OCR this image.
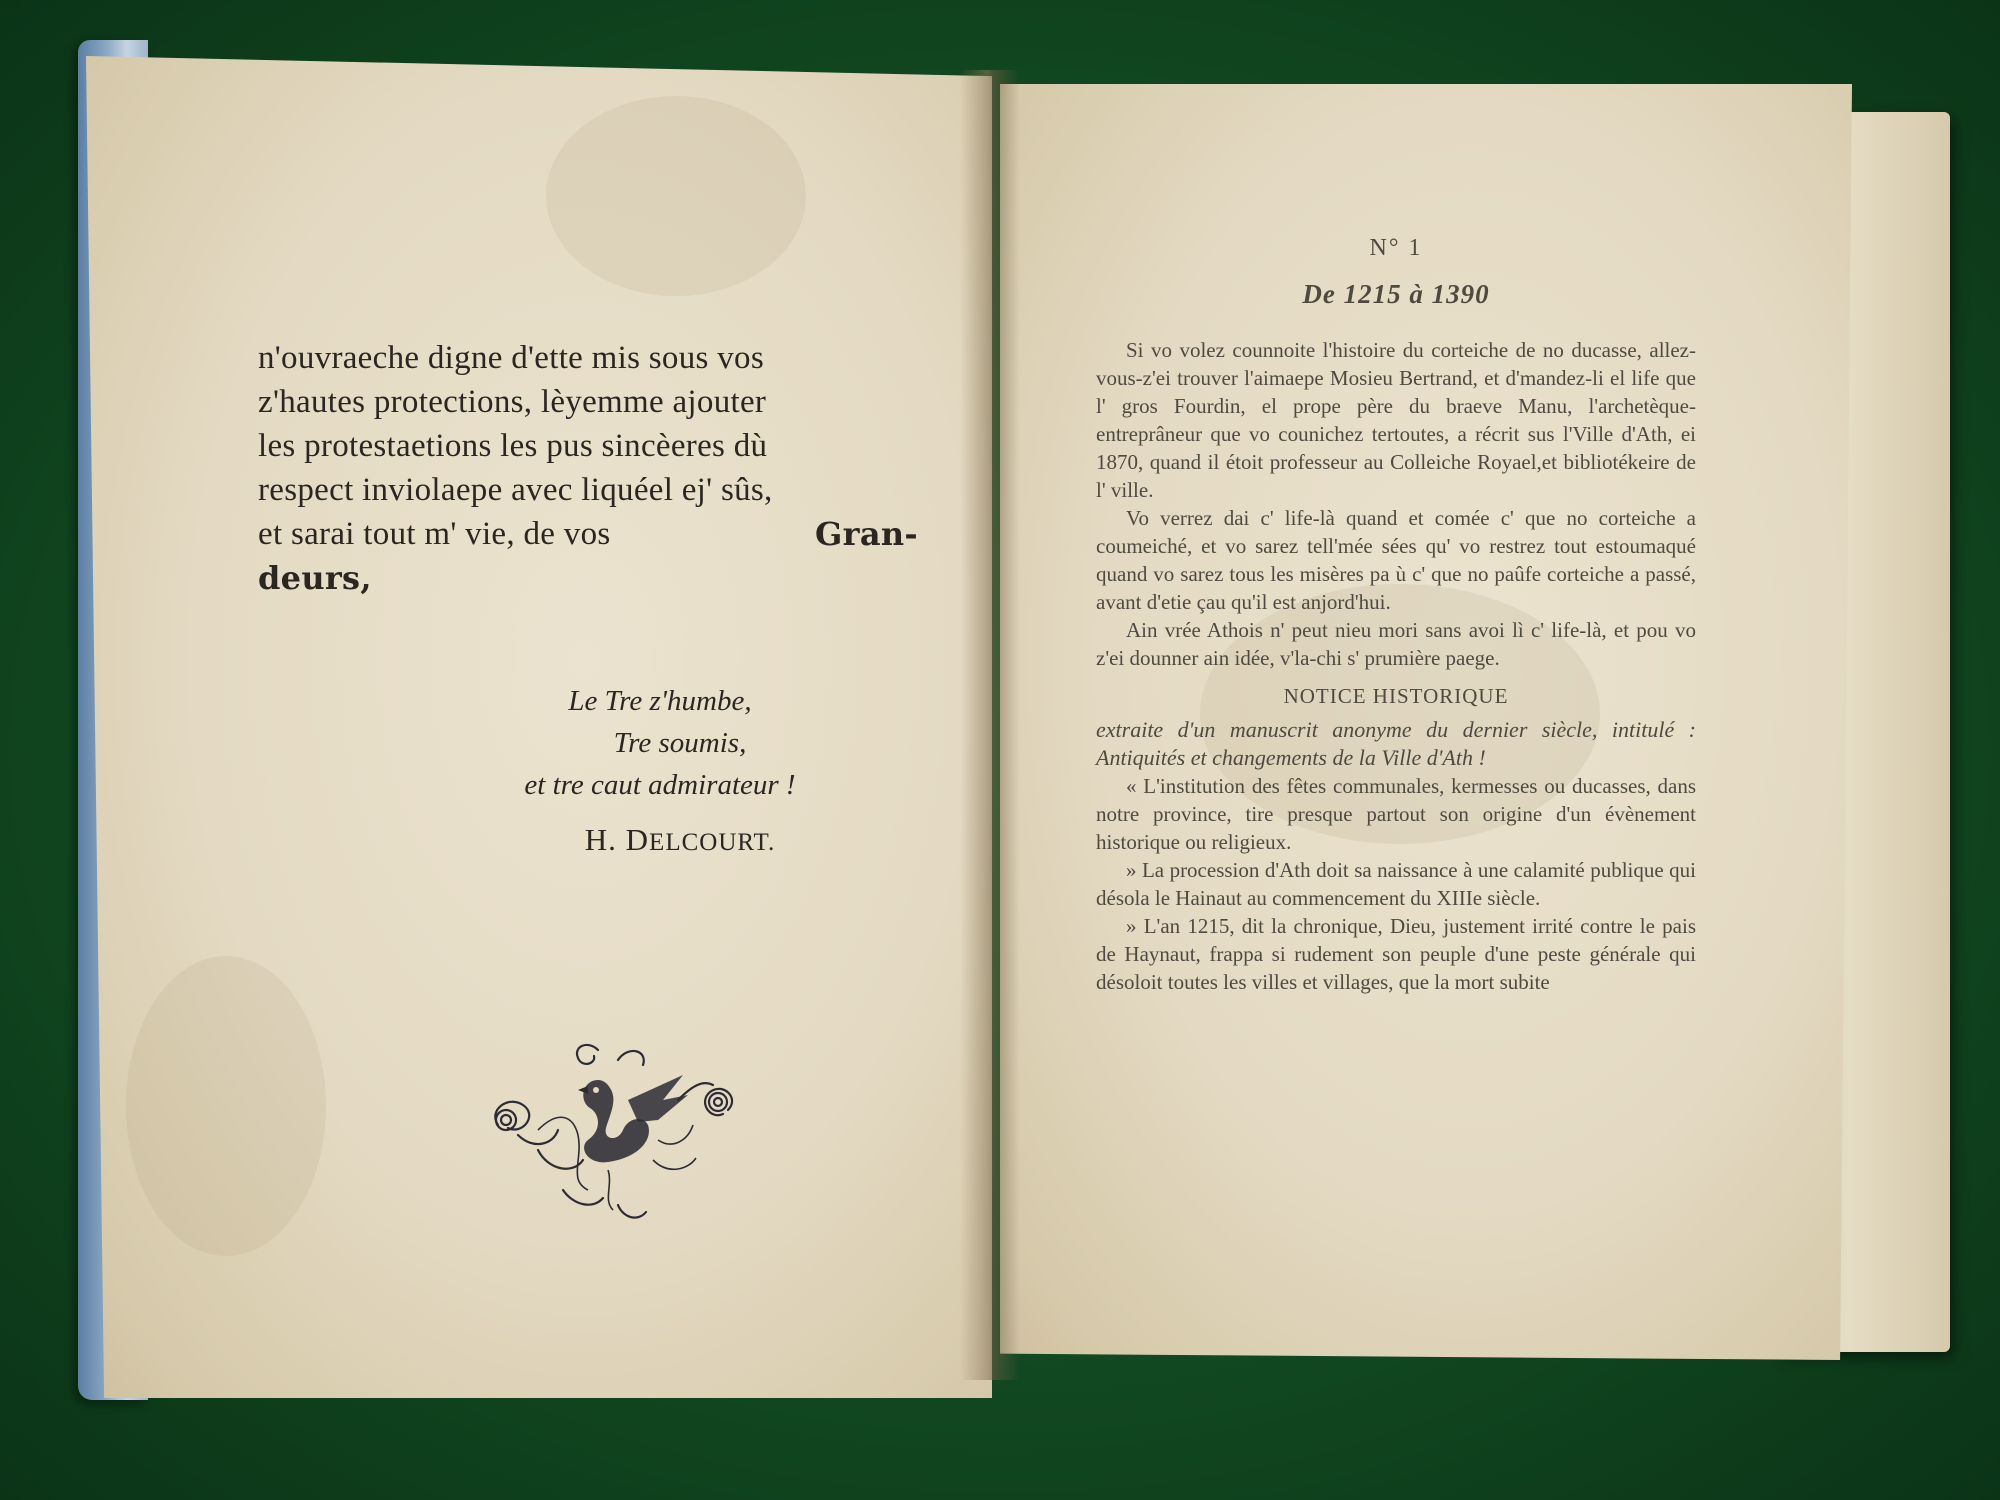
n'ouvraeche digne d'ette mis sous vos
z'hautes protections, lèyemme ajouter
les protestaetions les pus sincèeres dù
respect inviolaepe avec liquéel ej' sûs,
et sarai tout m' vie, de vos	Gran-
deurs,
Le Tre z'humbe,
Tre soumis,
et tre caut admirateur !
H. DELCOURT.
N° 1
De 1215 à 1390

Si vo volez counnoite l'histoire du corteiche de no ducasse, allez-vous-z'ei trouver l'aimaepe Mosieu Bertrand, et d'mandez-li el life que l' gros Fourdin, el prope père du braeve Manu, l'archetèque-entreprâneur que vo counichez tertoutes, a récrit sus l'Ville d'Ath, ei 1870, quand il étoit professeur au Colleiche Royael,et bibliotékeire de l' ville.

Vo verrez dai c' life-là quand et comée c' que no corteiche a coumeiché, et vo sarez tell'mée sées qu' vo restrez tout estoumaqué quand vo sarez tous les misères pa ù c' que no paûfe corteiche a passé, avant d'etie çau qu'il est anjord'hui.

Ain vrée Athois n' peut nieu mori sans avoi lì c' life-là, et pou vo z'ei dounner ain idée, v'la-chi s' prumière paege.

NOTICE HISTORIQUE

extraite d'un manuscrit anonyme du dernier siècle, intitulé : Antiquités et changements de la Ville d'Ath !

« L'institution des fêtes communales, kermesses ou ducasses, dans notre province, tire presque partout son origine d'un évènement historique ou religieux.

» La procession d'Ath doit sa naissance à une calamité publique qui désola le Hainaut au commencement du XIIIe siècle.

» L'an 1215, dit la chronique, Dieu, justement irrité contre le pais de Haynaut, frappa si rudement son peuple d'une peste générale qui désoloit toutes les villes et villages, que la mort subite
